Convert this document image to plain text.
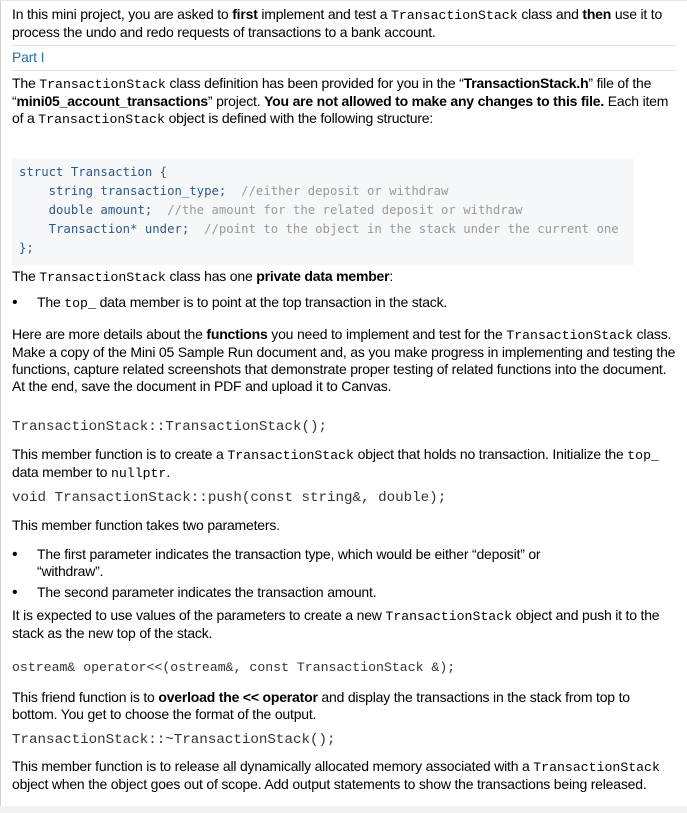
In this mini project, you are asked to first implement and test a TransactionStack class and then use it to process the undo and redo requests of transactions to a bank account.
Part I
The TransactionStack class definition has been provided for you in the “TransactionStack.h” file of the “mini05_account_transactions” project. You are not allowed to make any changes to this file. Each item of a TransactionStack object is defined with the following structure:
struct Transaction {
string transaction_type;  //either deposit or withdraw
double amount;  //the amount for the related deposit or withdraw
Transaction* under;  //point to the object in the stack under the current one
};
The TransactionStack class has one private data member:
•	The top_ data member is to point at the top transaction in the stack.
Here are more details about the functions you need to implement and test for the TransactionStack class. Make a copy of the Mini 05 Sample Run document and, as you make progress in implementing and testing the functions, capture related screenshots that demonstrate proper testing of related functions into the document. At the end, save the document in PDF and upload it to Canvas.
TransactionStack::TransactionStack();
This member function is to create a TransactionStack object that holds no transaction. Initialize the top_ data member to nullptr.
void TransactionStack::push(const string&, double);
This member function takes two parameters.
•	The first parameter indicates the transaction type, which would be either “deposit” or “withdraw”.
•	The second parameter indicates the transaction amount.
It is expected to use values of the parameters to create a new TransactionStack object and push it to the stack as the new top of the stack.
ostream& operator<<(ostream&, const TransactionStack &);
This friend function is to overload the << operator and display the transactions in the stack from top to bottom. You get to choose the format of the output.
TransactionStack::~TransactionStack();
This member function is to release all dynamically allocated memory associated with a TransactionStack object when the object goes out of scope. Add output statements to show the transactions being released.
